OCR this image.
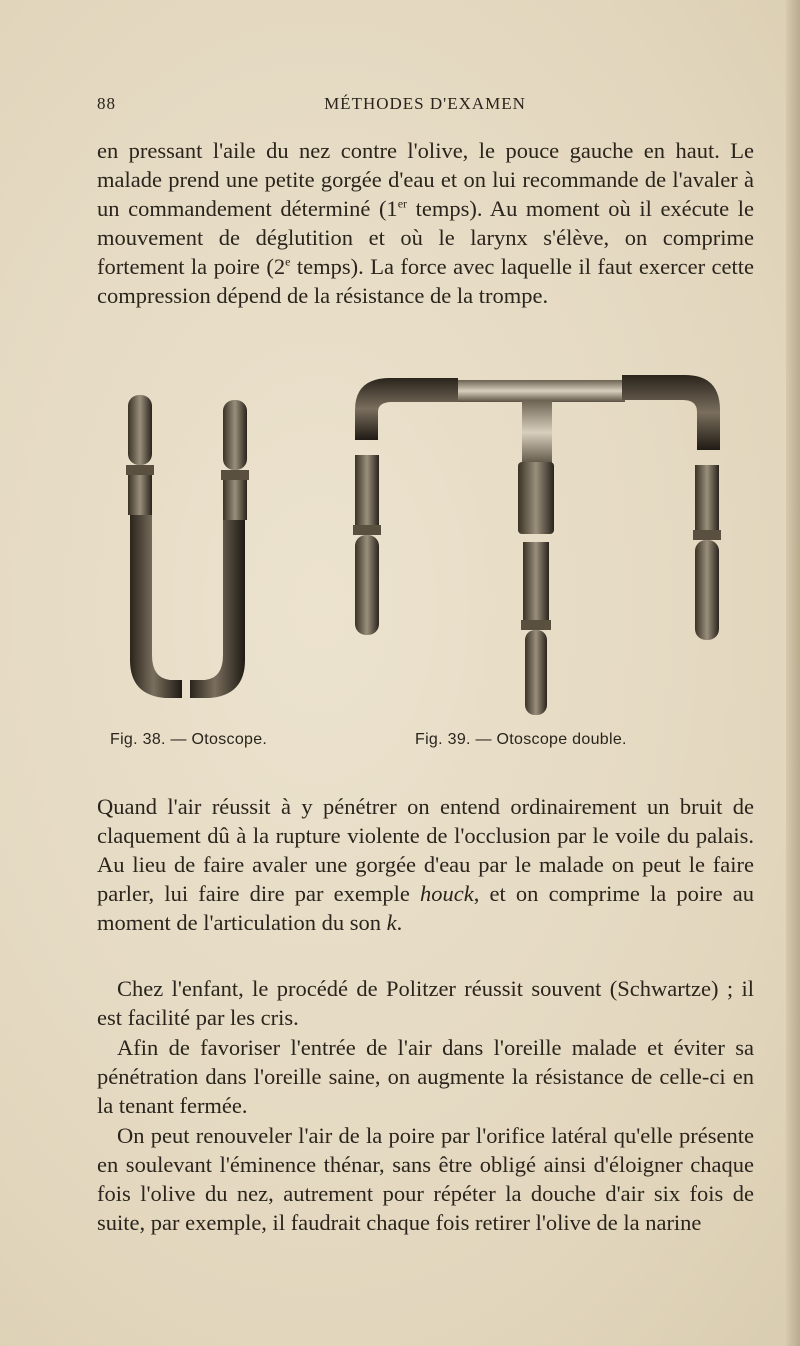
88	MÉTHODES D'EXAMEN

en pressant l'aile du nez contre l'olive, le pouce gauche en haut. Le malade prend une petite gorgée d'eau et on lui recommande de l'avaler à un commandement déterminé (1er temps). Au moment où il exécute le mouvement de déglutition et où le larynx s'élève, on comprime fortement la poire (2e temps). La force avec laquelle il faut exercer cette compression dépend de la résistance de la trompe.

Fig. 38. — Otoscope.	Fig. 39. — Otoscope double.

Quand l'air réussit à y pénétrer on entend ordinairement un bruit de claquement dû à la rupture violente de l'occlusion par le voile du palais. Au lieu de faire avaler une gorgée d'eau par le malade on peut le faire parler, lui faire dire par exemple houck, et on comprime la poire au moment de l'articulation du son k.

Chez l'enfant, le procédé de Politzer réussit souvent (Schwartze) ; il est facilité par les cris.

Afin de favoriser l'entrée de l'air dans l'oreille malade et éviter sa pénétration dans l'oreille saine, on augmente la résistance de celle-ci en la tenant fermée.

On peut renouveler l'air de la poire par l'orifice latéral qu'elle présente en soulevant l'éminence thénar, sans être obligé ainsi d'éloigner chaque fois l'olive du nez, autrement pour répéter la douche d'air six fois de suite, par exemple, il faudrait chaque fois retirer l'olive de la narine
